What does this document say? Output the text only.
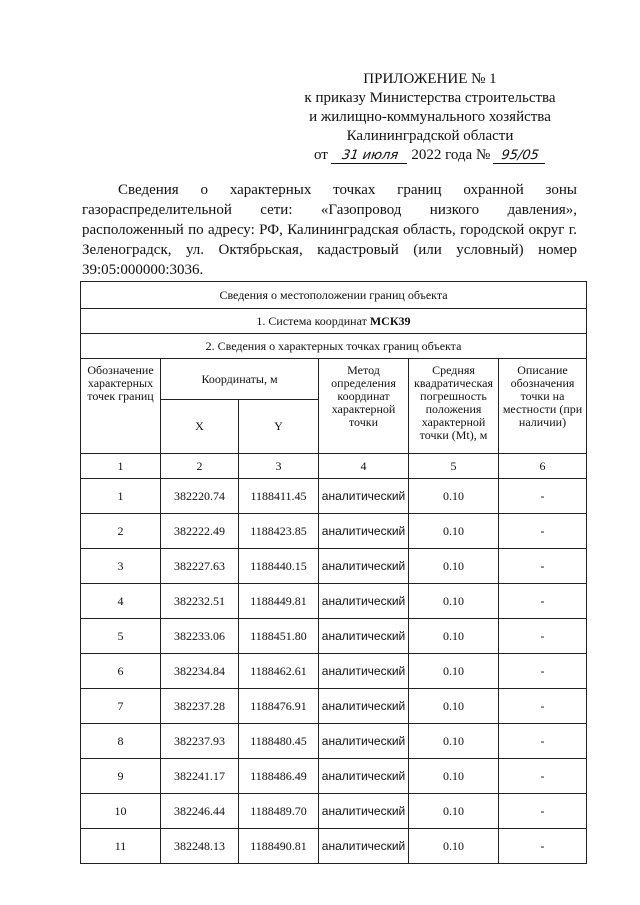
ПРИЛОЖЕНИЕ № 1
к приказу Министерства строительства
и жилищно-коммунального хозяйства
Калининградской области
от 31 июля 2022 года № 95/05

Сведения о характерных точках границ охранной зоны газораспределительной сети: «Газопровод низкого давления», расположенный по адресу: РФ, Калининградская область, городской округ г. Зеленоградск, ул. Октябрьская, кадастровый (или условный) номер 39:05:000000:3036.

Сведения о местоположении границ объекта					
1. Система координат МСК39					
2. Сведения о характерных точках границ объекта					
Обозначение характерных точек границ	Координаты, м		Метод определения координат характерной точки	Средняя квадратическая погрешность положения характерной точки (Mt), м	Описание обозначения точки на местности (при наличии)
	X	Y			
1	2	3	4	5	6
1	382220.74	1188411.45	аналитический	0.10	-
2	382222.49	1188423.85	аналитический	0.10	-
3	382227.63	1188440.15	аналитический	0.10	-
4	382232.51	1188449.81	аналитический	0.10	-
5	382233.06	1188451.80	аналитический	0.10	-
6	382234.84	1188462.61	аналитический	0.10	-
7	382237.28	1188476.91	аналитический	0.10	-
8	382237.93	1188480.45	аналитический	0.10	-
9	382241.17	1188486.49	аналитический	0.10	-
10	382246.44	1188489.70	аналитический	0.10	-
11	382248.13	1188490.81	аналитический	0.10	-
